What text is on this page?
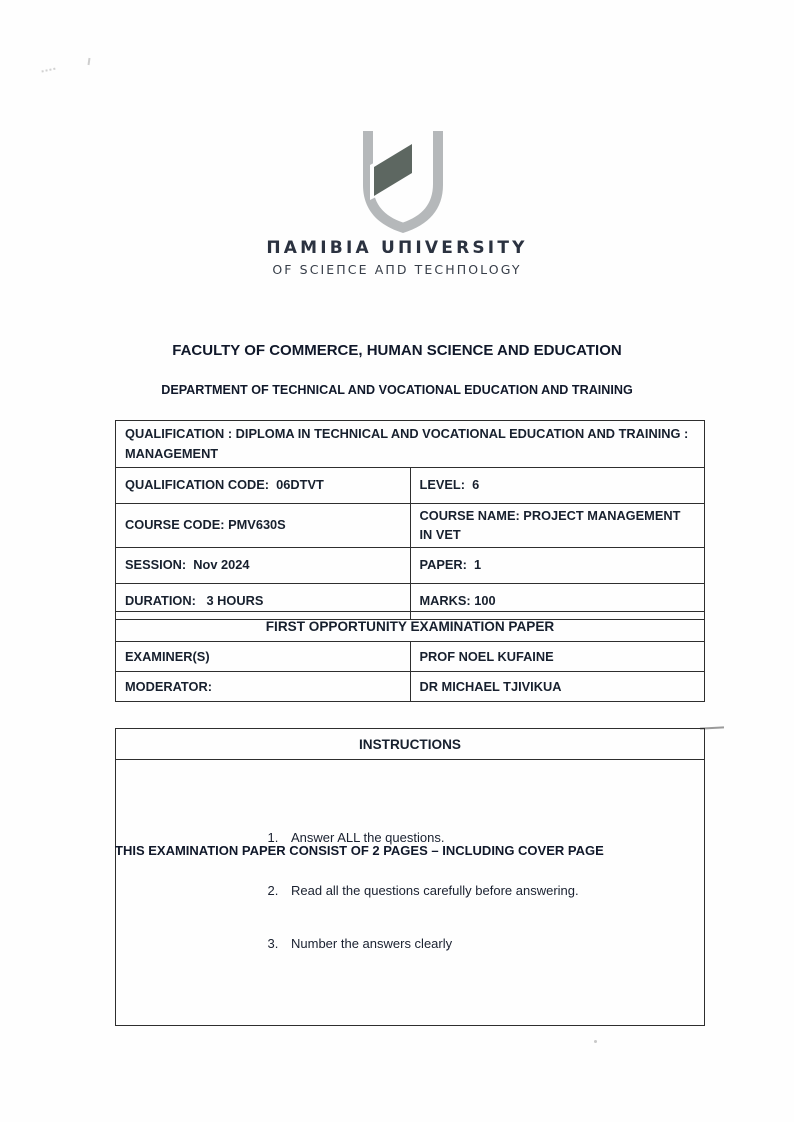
ПAMIBIA UПIVERSITY
OF SCIEПCE AПD TECHПOLOGY
FACULTY OF COMMERCE, HUMAN SCIENCE AND EDUCATION
DEPARTMENT OF TECHNICAL AND VOCATIONAL EDUCATION AND TRAINING
QUALIFICATION : DIPLOMA IN TECHNICAL AND VOCATIONAL EDUCATION AND TRAINING : MANAGEMENT	
QUALIFICATION CODE:  06DTVT	LEVEL:  6
COURSE CODE: PMV630S	COURSE NAME: PROJECT MANAGEMENT IN VET
SESSION:  Nov 2024	PAPER:  1
DURATION:   3 HOURS	MARKS: 100
FIRST OPPORTUNITY EXAMINATION PAPER	
EXAMINER(S)	PROF NOEL KUFAINE
MODERATOR:	DR MICHAEL TJIVIKUA
INSTRUCTIONS

1. Answer ALL the questions.

2. Read all the questions carefully before answering.

3. Number the answers clearly

THIS EXAMINATION PAPER CONSIST OF 2 PAGES – INCLUDING COVER PAGE
